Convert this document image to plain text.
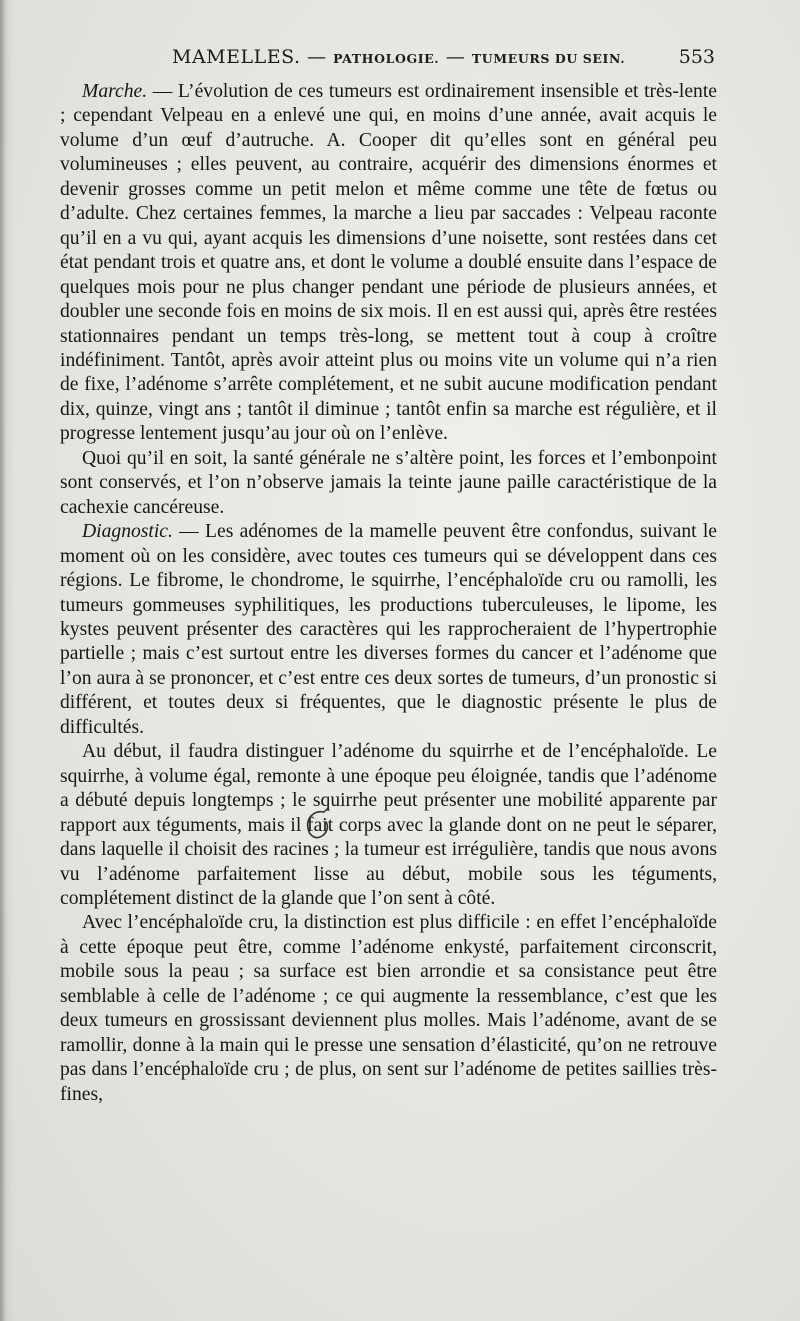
MAMELLES. — PATHOLOGIE. — TUMEURS DU SEIN.	553

Marche. — L’évolution de ces tumeurs est ordinairement insensible et très-lente ; cependant Velpeau en a enlevé une qui, en moins d’une année, avait acquis le volume d’un œuf d’autruche. A. Cooper dit qu’elles sont en général peu volumineuses ; elles peuvent, au contraire, acquérir des dimensions énormes et devenir grosses comme un petit melon et même comme une tête de fœtus ou d’adulte. Chez certaines femmes, la marche a lieu par saccades : Velpeau raconte qu’il en a vu qui, ayant acquis les dimensions d’une noisette, sont restées dans cet état pendant trois et quatre ans, et dont le volume a doublé ensuite dans l’espace de quelques mois pour ne plus changer pendant une période de plusieurs années, et doubler une seconde fois en moins de six mois. Il en est aussi qui, après être restées stationnaires pendant un temps très-long, se mettent tout à coup à croître indéfiniment. Tantôt, après avoir atteint plus ou moins vite un volume qui n’a rien de fixe, l’adénome s’arrête complétement, et ne subit aucune modification pendant dix, quinze, vingt ans ; tantôt il diminue ; tantôt enfin sa marche est régulière, et il progresse lentement jusqu’au jour où on l’enlève.

Quoi qu’il en soit, la santé générale ne s’altère point, les forces et l’embonpoint sont conservés, et l’on n’observe jamais la teinte jaune paille caractéristique de la cachexie cancéreuse.

Diagnostic. — Les adénomes de la mamelle peuvent être confondus, suivant le moment où on les considère, avec toutes ces tumeurs qui se développent dans ces régions. Le fibrome, le chondrome, le squirrhe, l’encéphaloïde cru ou ramolli, les tumeurs gommeuses syphilitiques, les productions tuberculeuses, le lipome, les kystes peuvent présenter des caractères qui les rapprocheraient de l’hypertrophie partielle ; mais c’est surtout entre les diverses formes du cancer et l’adénome que l’on aura à se prononcer, et c’est entre ces deux sortes de tumeurs, d’un pronostic si différent, et toutes deux si fréquentes, que le diagnostic présente le plus de difficultés.

Au début, il faudra distinguer l’adénome du squirrhe et de l’encéphaloïde. Le squirrhe, à volume égal, remonte à une époque peu éloignée, tandis que l’adénome a débuté depuis longtemps ; le squirrhe peut présenter une mobilité apparente par rapport aux téguments, mais il fait corps avec la glande dont on ne peut le séparer, dans laquelle il choisit des racines ; la tumeur est irrégulière, tandis que nous avons vu l’adénome parfaitement lisse au début, mobile sous les téguments, complétement distinct de la glande que l’on sent à côté.

Avec l’encéphaloïde cru, la distinction est plus difficile : en effet l’encéphaloïde à cette époque peut être, comme l’adénome enkysté, parfaitement circonscrit, mobile sous la peau ; sa surface est bien arrondie et sa consistance peut être semblable à celle de l’adénome ; ce qui augmente la ressemblance, c’est que les deux tumeurs en grossissant deviennent plus molles. Mais l’adénome, avant de se ramollir, donne à la main qui le presse une sensation d’élasticité, qu’on ne retrouve pas dans l’encéphaloïde cru ; de plus, on sent sur l’adénome de petites saillies très-fines,
